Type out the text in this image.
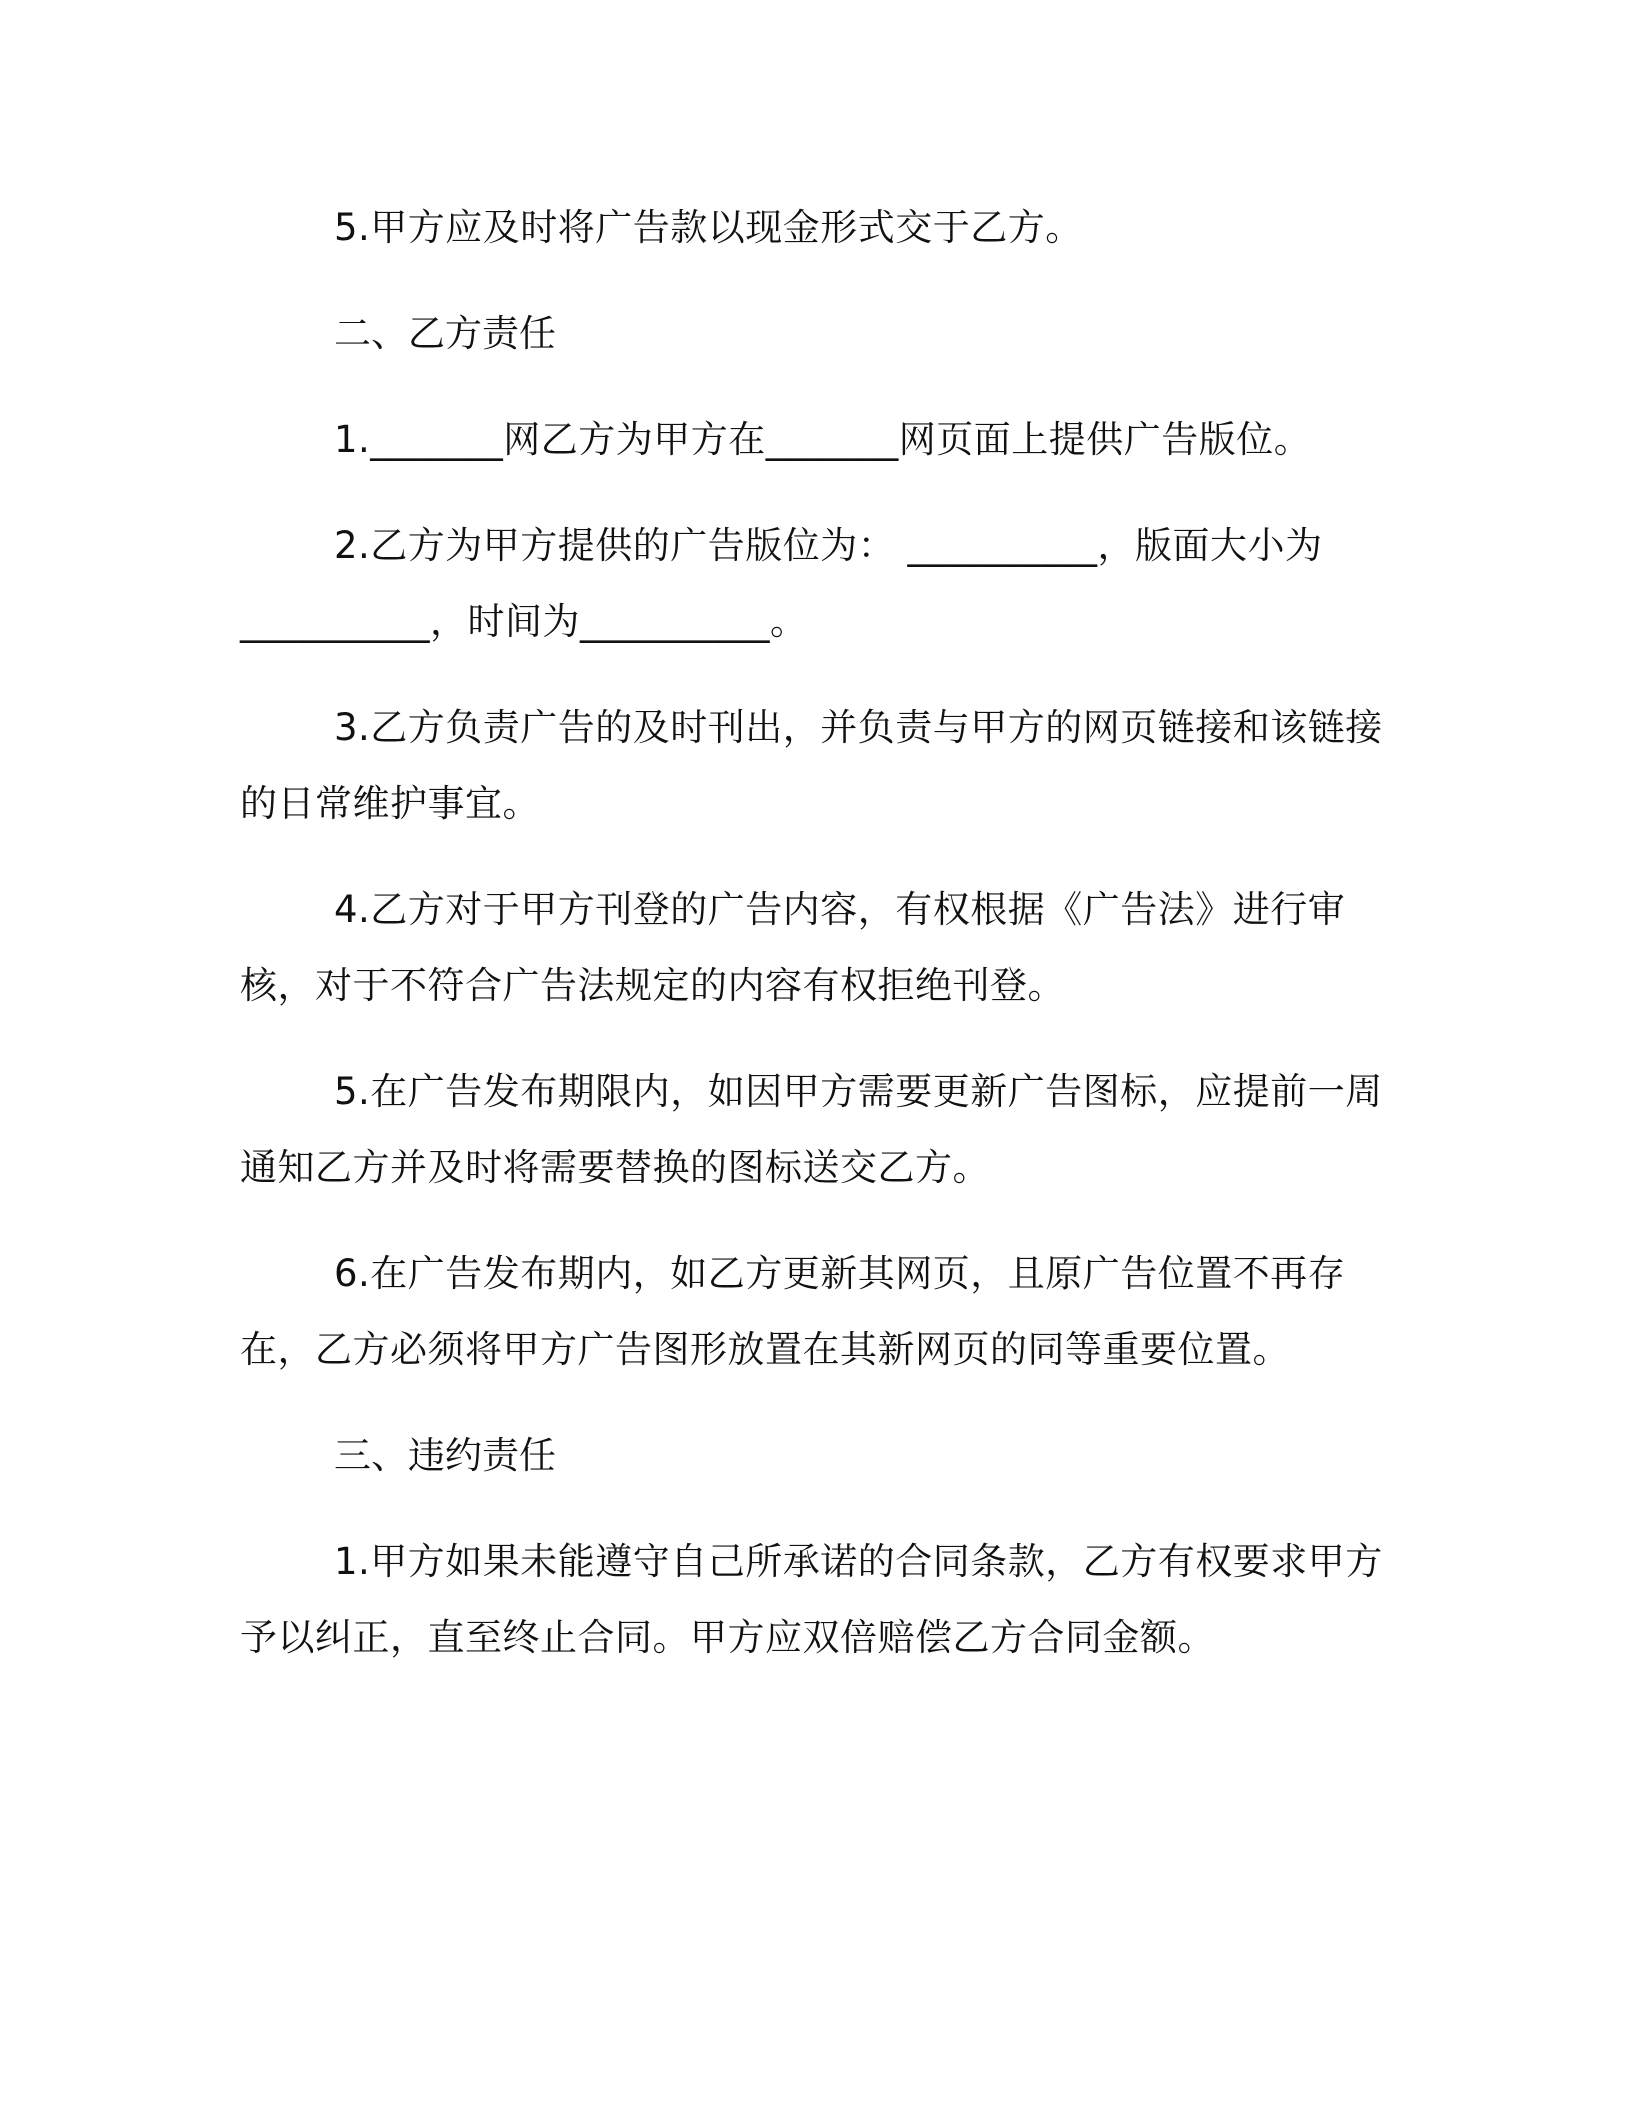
5.甲方应及时将广告款以现金形式交于乙方。

二、乙方责任

1._______网乙方为甲方在_______网页面上提供广告版位。

2.乙方为甲方提供的广告版位为： __________，版面大小为__________，时间为__________。

3.乙方负责广告的及时刊出，并负责与甲方的网页链接和该链接的日常维护事宜。

4.乙方对于甲方刊登的广告内容，有权根据《广告法》进行审核，对于不符合广告法规定的内容有权拒绝刊登。

5.在广告发布期限内，如因甲方需要更新广告图标，应提前一周通知乙方并及时将需要替换的图标送交乙方。

6.在广告发布期内，如乙方更新其网页，且原广告位置不再存在，乙方必须将甲方广告图形放置在其新网页的同等重要位置。

三、违约责任

1.甲方如果未能遵守自己所承诺的合同条款，乙方有权要求甲方予以纠正，直至终止合同。甲方应双倍赔偿乙方合同金额。
